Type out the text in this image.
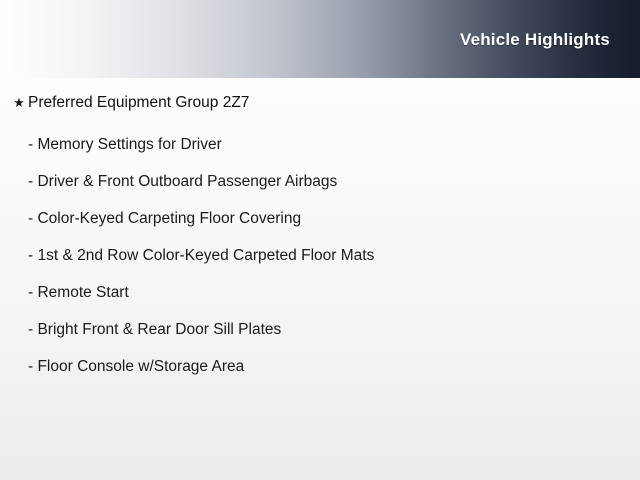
Vehicle Highlights
★ Preferred Equipment Group 2Z7
- Memory Settings for Driver
- Driver & Front Outboard Passenger Airbags
- Color-Keyed Carpeting Floor Covering
- 1st & 2nd Row Color-Keyed Carpeted Floor Mats
- Remote Start
- Bright Front & Rear Door Sill Plates
- Floor Console w/Storage Area
